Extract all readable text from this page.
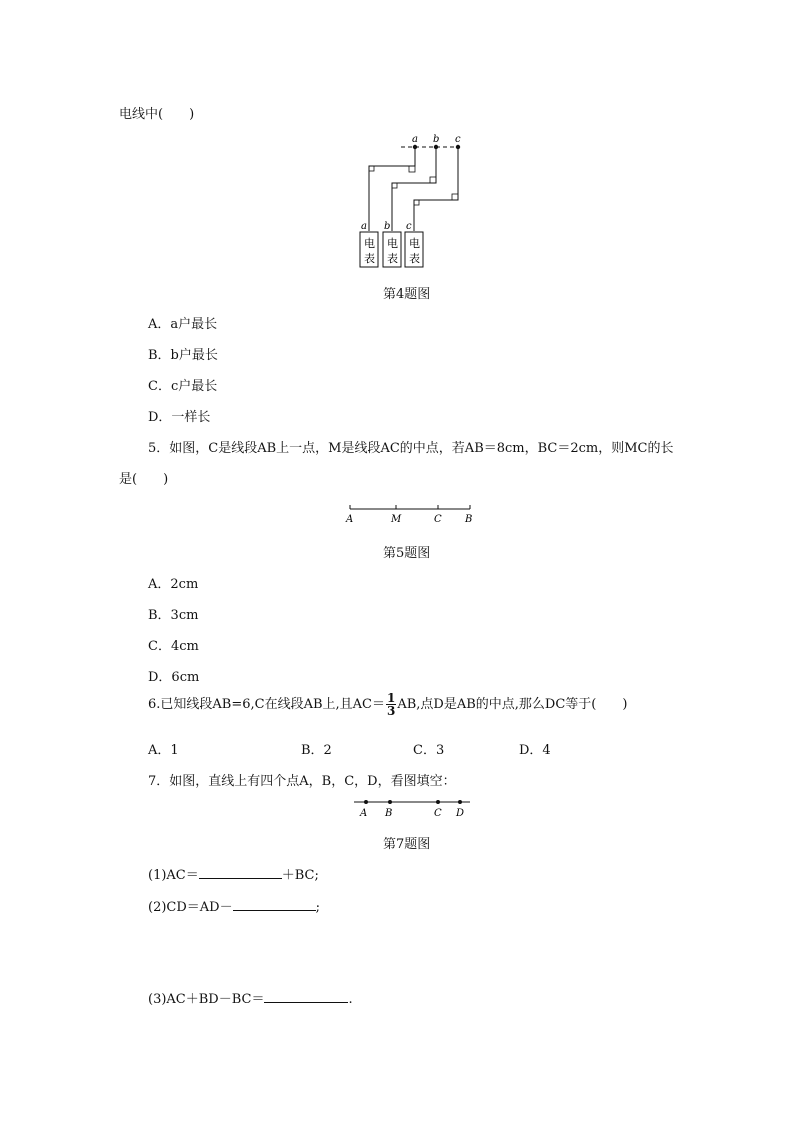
电线中(　　)
a b c
a b c
电
表
电
表
电
表
第4题图
A．a户最长
B．b户最长
C．c户最长
D．一样长
5．如图，C是线段AB上一点，M是线段AC的中点，若AB＝8cm，BC＝2cm，则MC的长
是(　　)
A	M	C B
第5题图
A．2cm
B．3cm
C．4cm
D．6cm
6.已知线段AB=6,C在线段AB上,且$AC= \frac{1}{3}$ AB,点D是AB的中点,那么DC等于(　　)
A．1	B．2	C．3	D．4
7．如图，直线上有四个点A，B，C，D，看图填空：
A B	C D
第7题图
(1)AC＝	＋BC;
(2)CD＝AD－	;
(3)AC＋BD－BC＝	.
